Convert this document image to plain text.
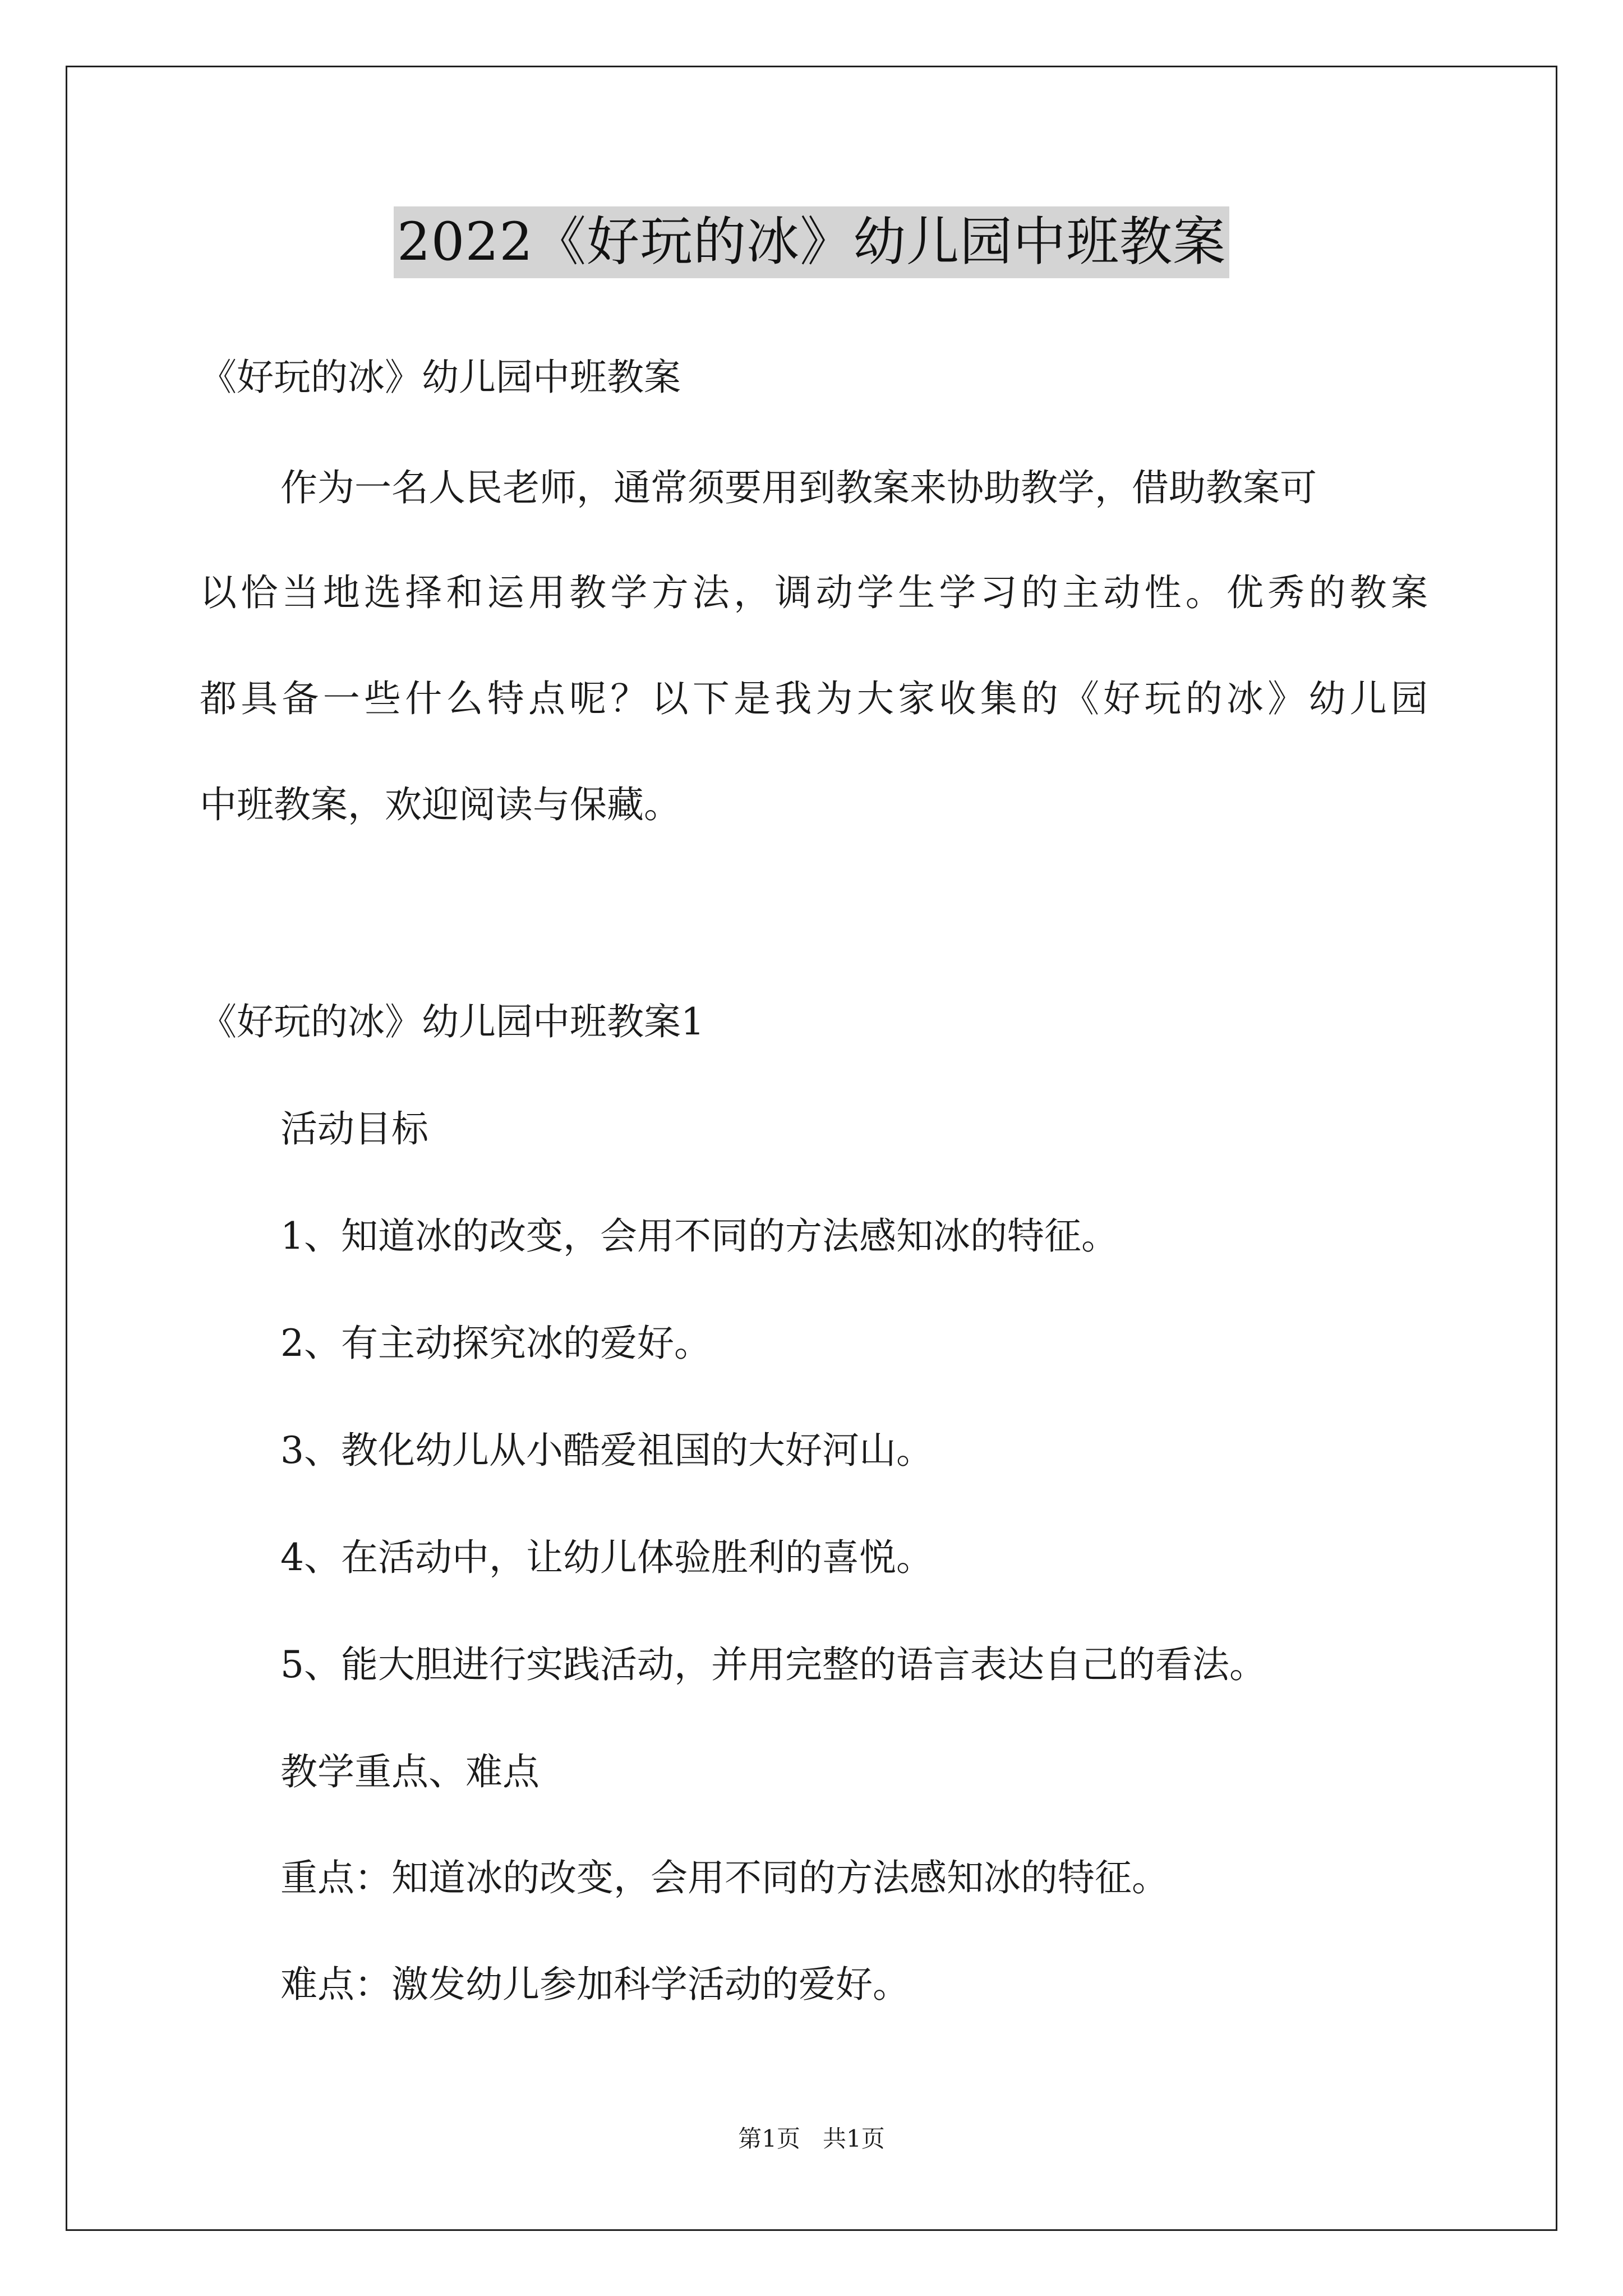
2022《好玩的冰》幼儿园中班教案
《好玩的冰》幼儿园中班教案
作为一名人民老师，通常须要用到教案来协助教学，借助教案可
以恰当地选择和运用教学方法，调动学生学习的主动性。优秀的教案
都具备一些什么特点呢？以下是我为大家收集的《好玩的冰》幼儿园
中班教案，欢迎阅读与保藏。
《好玩的冰》幼儿园中班教案1
活动目标
1、知道冰的改变，会用不同的方法感知冰的特征。
2、有主动探究冰的爱好。
3、教化幼儿从小酷爱祖国的大好河山。
4、在活动中，让幼儿体验胜利的喜悦。
5、能大胆进行实践活动，并用完整的语言表达自己的看法。
教学重点、难点
重点：知道冰的改变，会用不同的方法感知冰的特征。
难点：激发幼儿参加科学活动的爱好。
第1页   共1页
